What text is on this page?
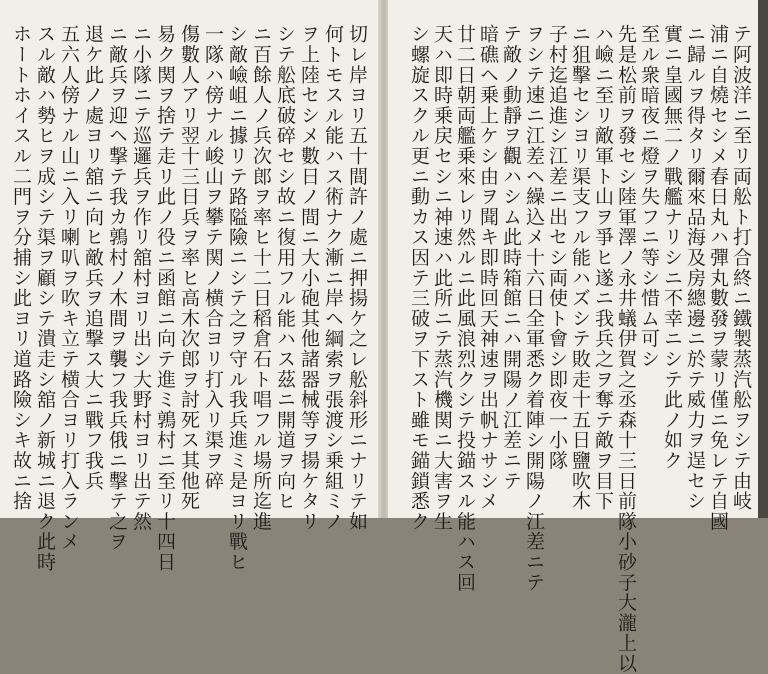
切レ岸ヨリ五十間許ノ處ニ押揚ケ之レ舩斜形ニナリテ如
何トモスル能ハス術ナク漸ニ岸ヘ綱索ヲ張渡シ乗組ミノ
ヲ上陸セシメ數日ノ間ニ大小砲其他諸器械等ヲ揚ケタリ
シテ舩底破碎セシ故ニ復用フル能ハス茲ニ開道ヲ向ヒ
ニ百餘人ノ兵次郎ヲ率ヒ十二日稻倉石ト唱フル場所迄進
シ敵嶮岨ニ據リテ路隘險ニシテ之ヲ守ル我兵進ミ是ヨリ戰ヒ
一隊ハ傍ナル峻山ヲ攀テ関ノ横合ヨリ打入リ渠ヲ碎
傷數人アリ翌十三日兵ヲ率ヒ高木次郎ヲ討死ス其他死
易ク関ヲ捨テ走リ此ノ役ニ函館ニ向テ進ミ鶉村ニ至リ十四日
ニ小隊ニテ巡邏兵ヲ作リ舘村ヨリ出シ大野村ヨリ出テ然
ニ敵兵ヲ迎ヘ撃テ我カ鶉村ノ木間ヲ襲フ我兵俄ニ擊テ之ヲ
退ケ此ノ處ヨリ舘ニ向ヒ敵兵ヲ追撃ス大ニ戰フ我兵
五六人傍ナル山ニ入リ喇叭ヲ吹キ立テ横合ヨリ打入ランメ
スル敵ハ勢ヒヲ成シテ渠ヲ顧シテ潰走シ舘ノ新城ニ退ク此時
ホートホイスル二門ヲ分捕シ此ヨリ道路險シキ故ニ捨	テ阿波洋ニ至リ両舩ト打合終ニ鐵製蒸汽舩ヲシテ由岐
浦ニ自燒セシメ春日丸ハ彈丸數發ヲ蒙リ僅ニ免レテ自國
ニ歸ルヲ得タリ爾來品海及房總邊ニ於テ威力ヲ逞セシ
實ニ皇國無二ノ戰艦ナリシニ不幸ニシテ此ノ如ク
至ル衆暗夜ニ燈ヲ失フニ等シ惜ム可シ
先是松前ヲ發セシ陸軍澤ノ永井蟻伊賀之丞森十三日前隊小砂子大瀧上以
ハ嶮ニ至リ敵軍ト山ヲ爭ヒ遂ニ我兵之ヲ奪テ敵ヲ目下
ニ狙擊セシヨリ渠支フル能ハズシテ敗走十五日鹽吹木
子村迄追進シ江差ニ出セシ両使ト會シ即夜一小隊
ヲシテ速ニ江差ヘ繰込メ十六日全軍悉ク着陣シ開陽ノ江差ニテ
テ敵ノ動靜ヲ觀ハシム此時箱館ニハ開陽ノ江差ニテ
暗礁ヘ乗上ケシ由ヲ聞キ即時回天神速ヲ出帆ナサシメ
廿二日朝両艦乗來レリ然ルニ此風浪烈クシテ投錨スル能ハス回
天ハ即時乗戻セシニ神速ハ此所ニテ蒸汽機関ニ大害ヲ生
シ螺旋スクル更ニ動カス因テ三破ヲ下スト雖モ錨鎖悉ク
